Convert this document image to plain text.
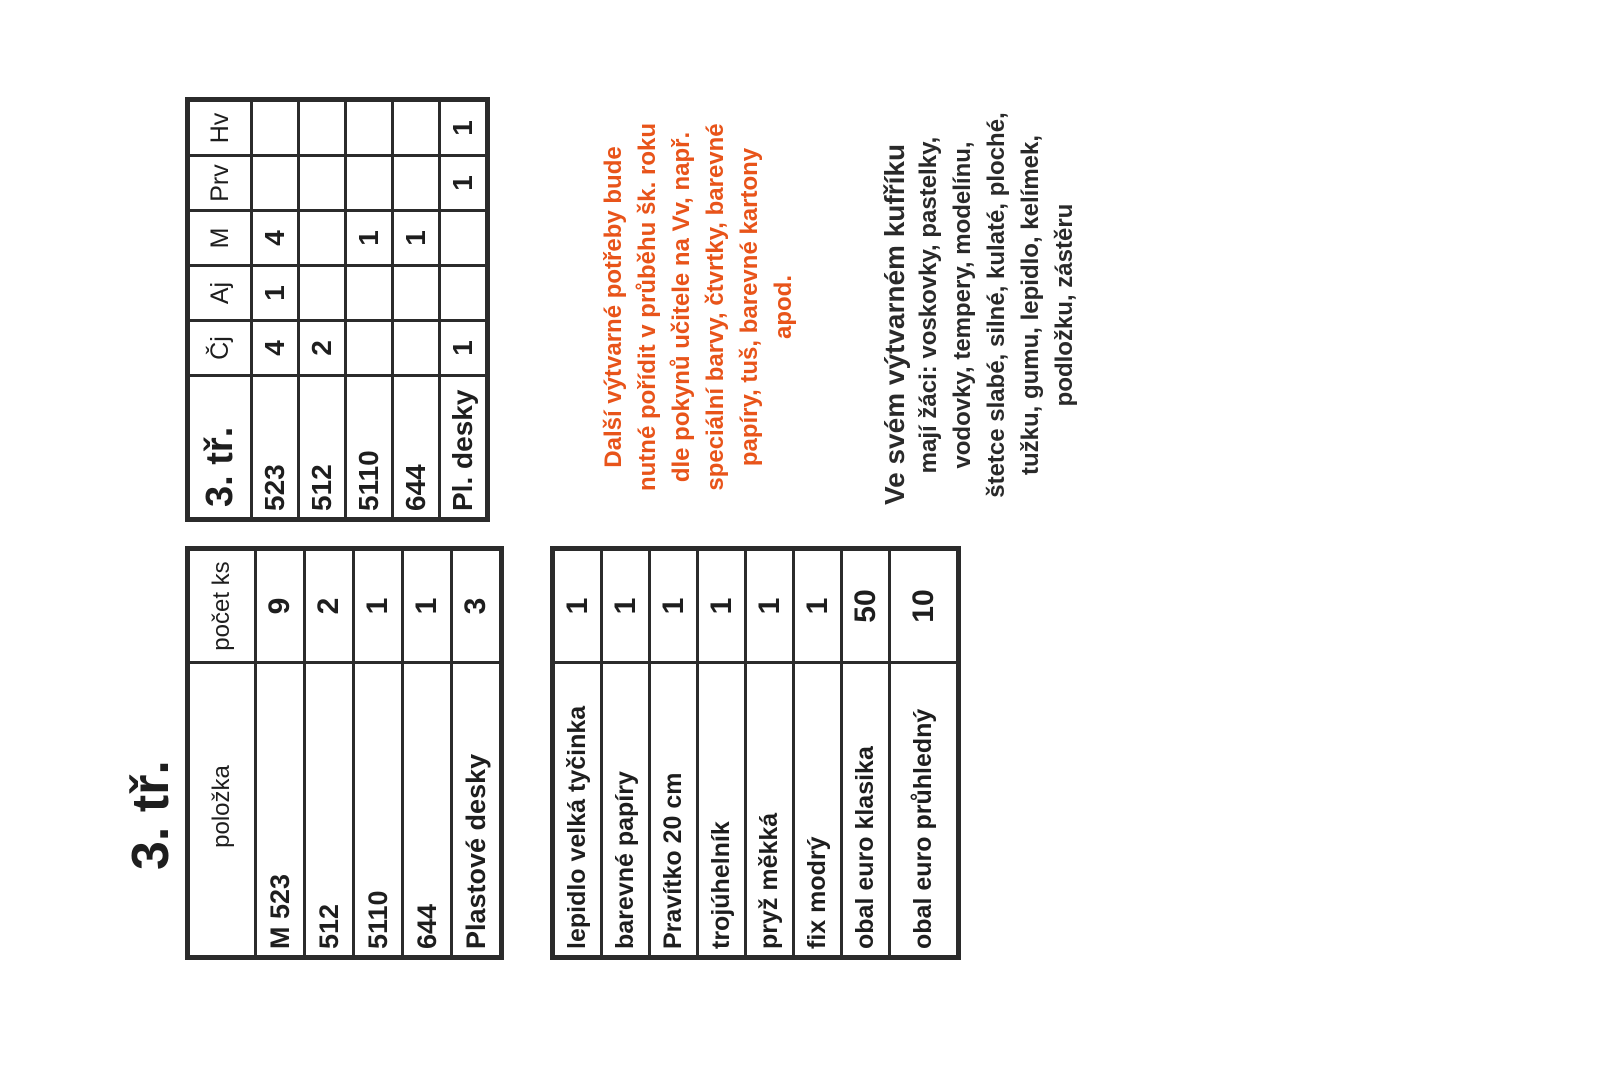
3. tř. položka	počet ks
M 523	9
512	2
5110	1
644	1
Plastové desky	3
lepidlo velká tyčinka	1
barevné papíry	1
Pravítko 20 cm	1
trojúhelník	1
pryž měkká	1
fix modrý	1
obal euro klasika	50
obal euro průhledný	10
3. tř.	Čj	Aj	M	Prv	Hv
523	4	1	4		
512	2				
5110			1		
644			1		
Pl. desky	1			1	1
Další výtvarné potřeby bude nutné pořídit v průběhu šk. roku dle pokynů učitele na Vv, např. speciální barvy, čtvrtky, barevné papíry, tuš, barevné kartony apod.	Ve svém výtvarném kufříku mají žáci: voskovky, pastelky, vodovky, tempery, modelínu, štetce slabé, silné, kulaté, ploché, tužku, gumu, lepidlo, kelímek, podložku, zástěru
